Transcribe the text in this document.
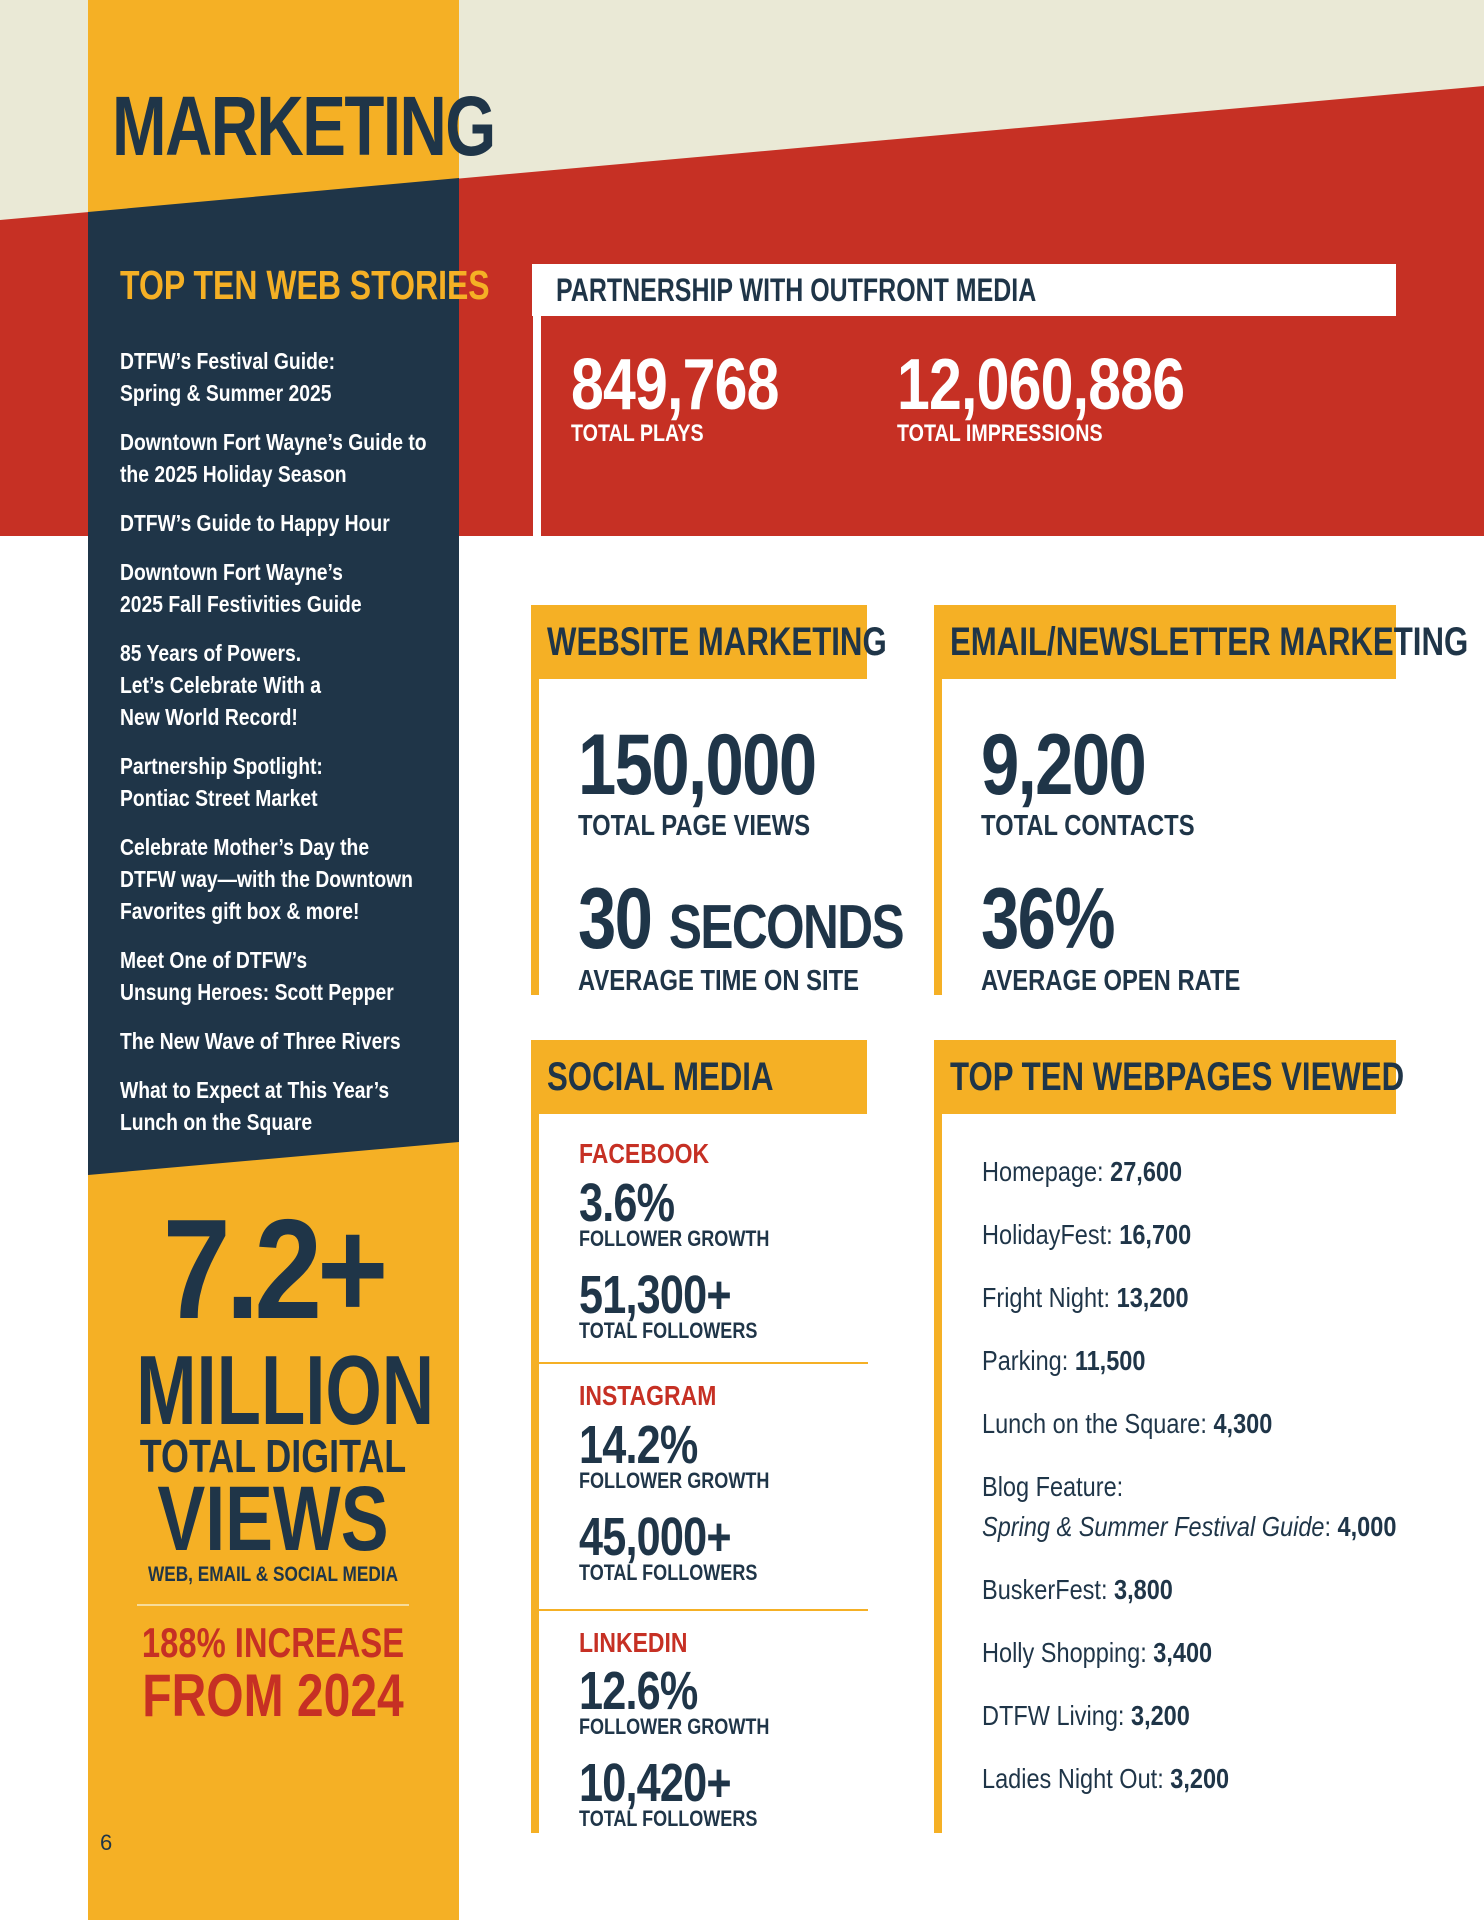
MARKETING
TOP TEN WEB STORIES
DTFW’s Festival Guide:
Spring & Summer 2025
Downtown Fort Wayne’s Guide to
the 2025 Holiday Season
DTFW’s Guide to Happy Hour
Downtown Fort Wayne’s
2025 Fall Festivities Guide
85 Years of Powers.
Let’s Celebrate With a
New World Record!
Partnership Spotlight:
Pontiac Street Market
Celebrate Mother’s Day the
DTFW way—with the Downtown
Favorites gift box & more!
Meet One of DTFW’s
Unsung Heroes: Scott Pepper
The New Wave of Three Rivers
What to Expect at This Year’s
Lunch on the Square
7.2+
MILLION
TOTAL DIGITAL
VIEWS
WEB, EMAIL & SOCIAL MEDIA
188% INCREASE
FROM 2024
6
PARTNERSHIP WITH OUTFRONT MEDIA
849,768
TOTAL PLAYS
12,060,886
TOTAL IMPRESSIONS
WEBSITE MARKETING
150,000
TOTAL PAGE VIEWS
30 SECONDS
AVERAGE TIME ON SITE
EMAIL/NEWSLETTER MARKETING
9,200
TOTAL CONTACTS
36%
AVERAGE OPEN RATE
SOCIAL MEDIA
FACEBOOK
3.6%
FOLLOWER GROWTH
51,300+
TOTAL FOLLOWERS
INSTAGRAM
14.2%
FOLLOWER GROWTH
45,000+
TOTAL FOLLOWERS
LINKEDIN
12.6%
FOLLOWER GROWTH
10,420+
TOTAL FOLLOWERS
TOP TEN WEBPAGES VIEWED
Homepage: 27,600
HolidayFest: 16,700
Fright Night: 13,200
Parking: 11,500
Lunch on the Square: 4,300
Blog Feature:
Spring & Summer Festival Guide: 4,000
BuskerFest: 3,800
Holly Shopping: 3,400
DTFW Living: 3,200
Ladies Night Out: 3,200
